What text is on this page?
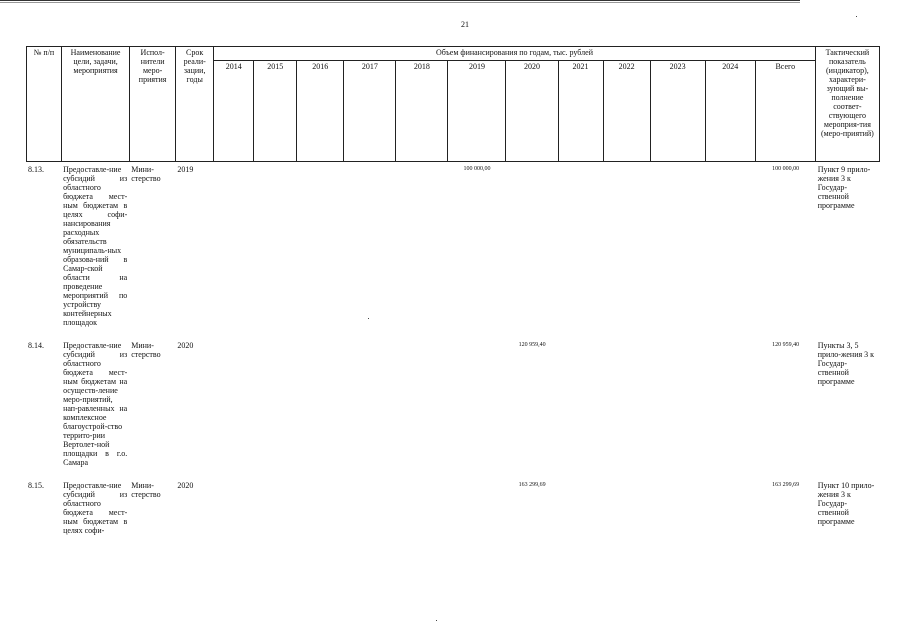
21
№ п/п	Наименование цели, задачи, мероприятия	Испол-нители меро-приятия	Срок реали-зации, годы	Объем финансирования по годам, тыс. рублей												Тактический показатель (индикатор), характери-зующий вы-полнение соответ-ствующего мероприя-тия (меро-приятий)
				2014	2015	2016	2017	2018	2019	2020	2021	2022	2023	2024	Всего	
8.13.	Предоставле-ние субсидий из областного бюджета мест-ным бюджетам в целях софи-нансирования расходных обязательств муниципаль-ных образова-ний в Самар-ской области на проведение мероприятий по устройству контейнерных площадок	Мини-стерство	2019						100 000,00						100 000,00	Пункт 9 прило-жения 3 к Государ-ственной программе

8.14.	Предоставле-ние субсидий из областного бюджета мест-ным бюджетам на осуществ-ление меро-приятий, нап-равленных на комплексное благоустрой-ство террито-рии Вертолет-ной площадки в г.о. Самара	Мини-стерство	2020							120 959,40					120 959,40	Пункты 3, 5 прило-жения 3 к Государ-ственной программе

8.15.	Предоставле-ние субсидий из областного бюджета мест-ным бюджетам в целях софи-	Мини-стерство	2020							163 299,69					163 299,69	Пункт 10 прило-жения 3 к Государ-ственной программе
